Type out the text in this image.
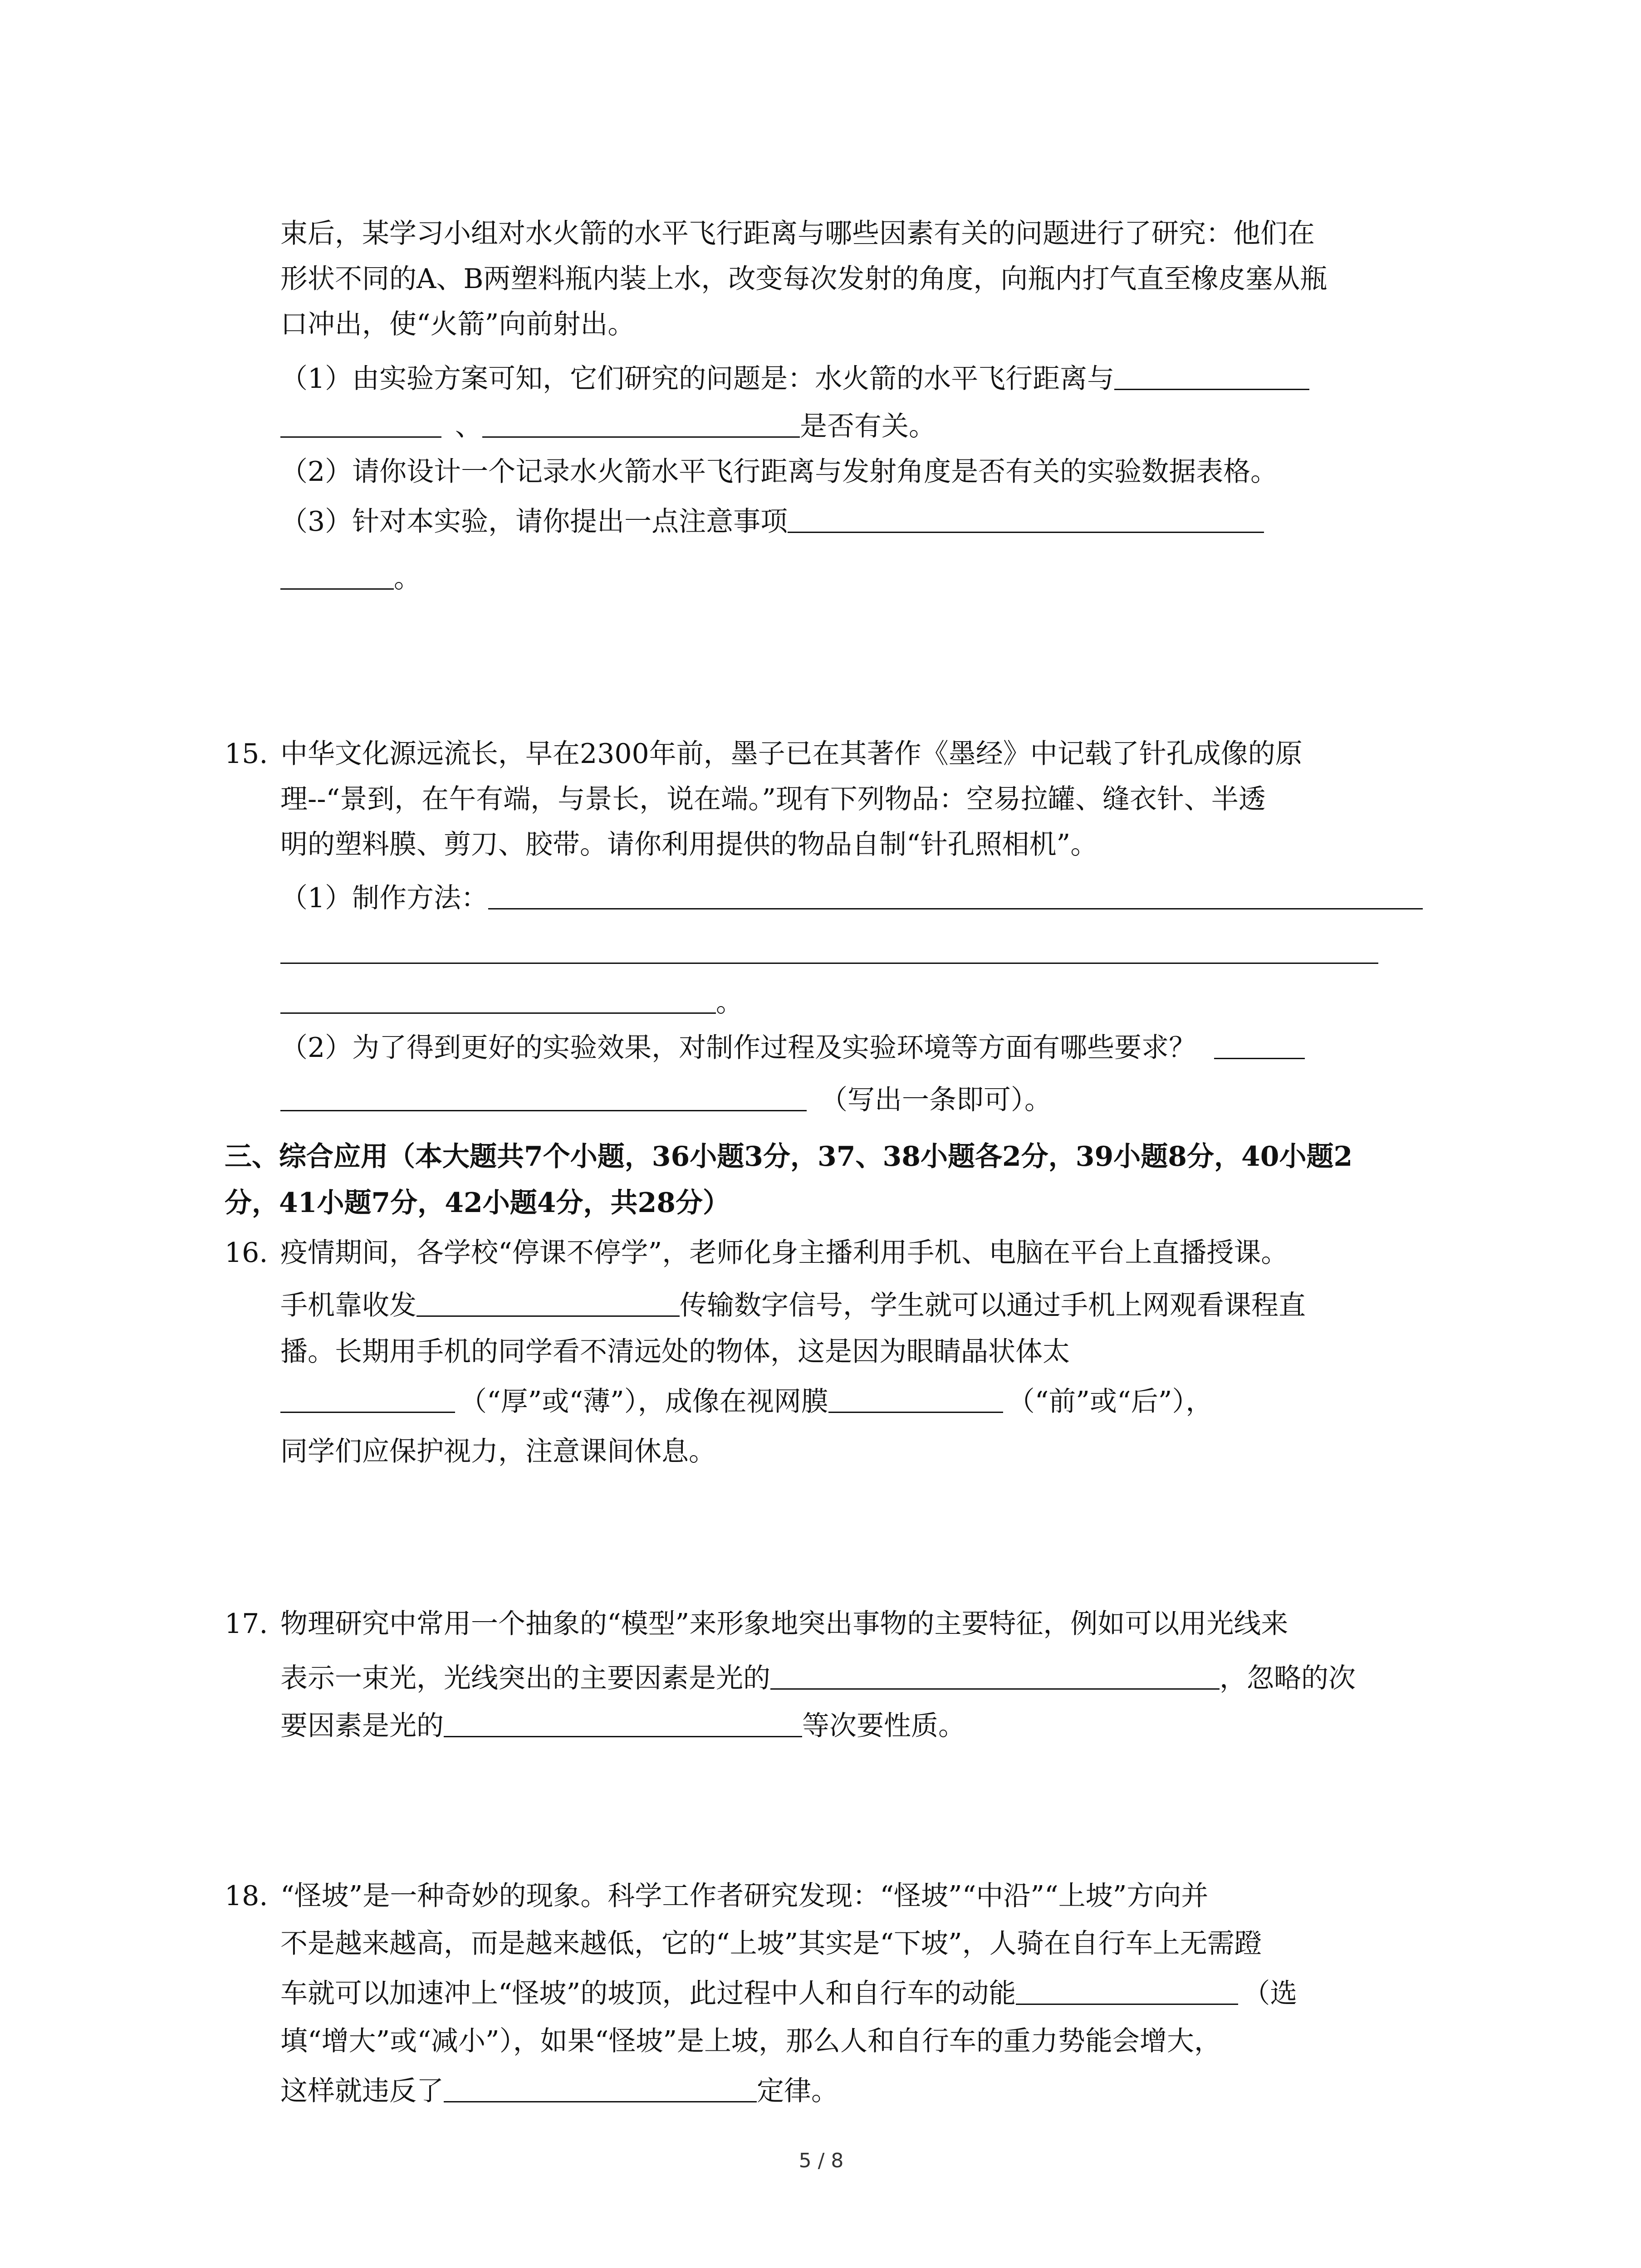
束后，某学习小组对水火箭的水平飞行距离与哪些因素有关的问题进行了研究：他们在
形状不同的A、B两塑料瓶内装上水，改变每次发射的角度，向瓶内打气直至橡皮塞从瓶
口冲出，使“火箭”向前射出。
（1）由实验方案可知，它们研究的问题是：水火箭的水平飞行距离与
、	是否有关。
（2）请你设计一个记录水火箭水平飞行距离与发射角度是否有关的实验数据表格。
（3）针对本实验，请你提出一点注意事项
。
15. 中华文化源远流长，早在2300年前，墨子已在其著作《墨经》中记载了针孔成像的原
理--“景到，在午有端，与景长，说在端。”现有下列物品：空易拉罐、缝衣针、半透
明的塑料膜、剪刀、胶带。请你利用提供的物品自制“针孔照相机”。
（1）制作方法：
。
（2）为了得到更好的实验效果，对制作过程及实验环境等方面有哪些要求？
（写出一条即可）。
三、综合应用（本大题共7个小题，36小题3分，37、38小题各2分，39小题8分，40小题2
分，41小题7分，42小题4分，共28分）
16. 疫情期间，各学校“停课不停学”，老师化身主播利用手机、电脑在平台上直播授课。
手机靠收发	传输数字信号，学生就可以通过手机上网观看课程直
播。长期用手机的同学看不清远处的物体，这是因为眼睛晶状体太
（“厚”或“薄”），成像在视网膜	（“前”或“后”），
同学们应保护视力，注意课间休息。
17. 物理研究中常用一个抽象的“模型”来形象地突出事物的主要特征，例如可以用光线来
表示一束光，光线突出的主要因素是光的	，忽略的次
要因素是光的	等次要性质。
18. “怪坡”是一种奇妙的现象。科学工作者研究发现：“怪坡”“中沿”“上坡”方向并
不是越来越高，而是越来越低，它的“上坡”其实是“下坡”，人骑在自行车上无需蹬
车就可以加速冲上“怪坡”的坡顶，此过程中人和自行车的动能	（选
填“增大”或“减小”），如果“怪坡”是上坡，那么人和自行车的重力势能会增大，
这样就违反了	定律。
5 / 8
